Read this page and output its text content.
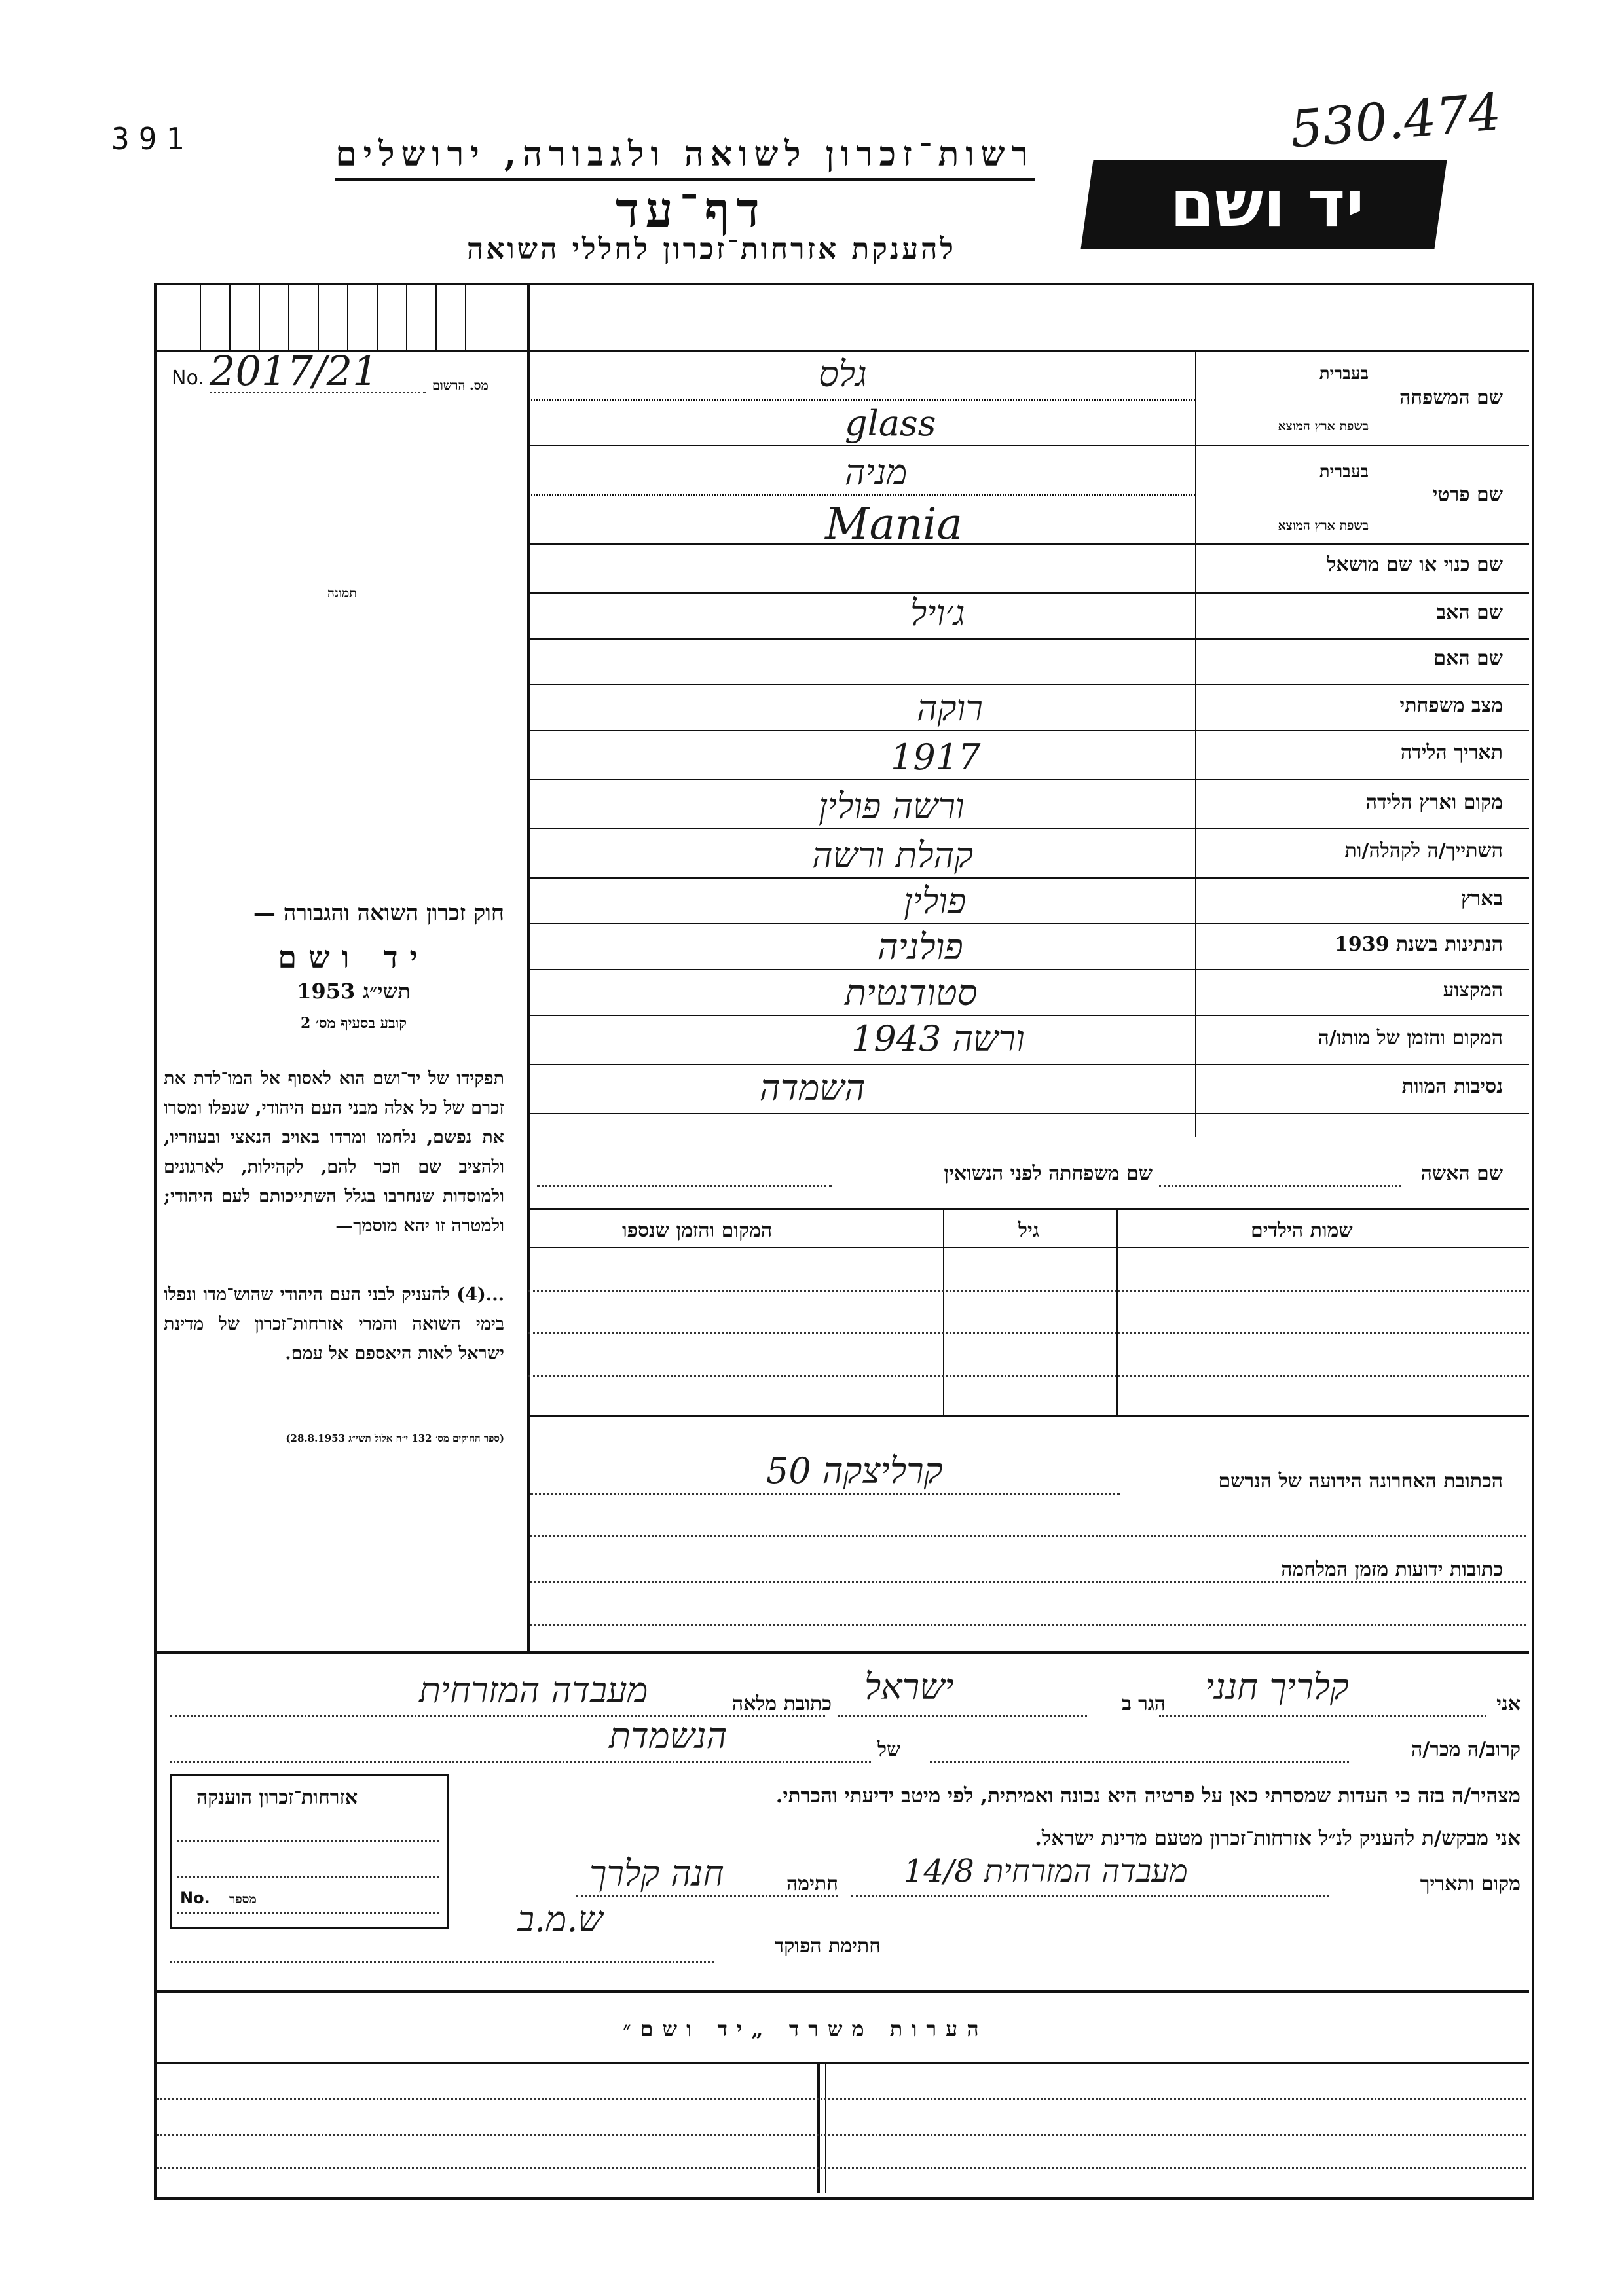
391	530.474
רשות־זכרון לשואה ולגבורה, ירושלים
דף־עד
להענקת אזרחות־זכרון לחללי השואה
יד ושם
No. 2017/21	מס. הרשום
תמונה
שם המשפחה
בעברית
בשפת ארץ המוצא
שם פרטי
בעברית
בשפת ארץ המוצא
שם כנוי או שם מושאל
שם האב
שם האם
מצב משפחתי
תאריך הלידה
מקום וארץ הלידה
השתייך/ה לקהלה/ות
בארץ
הנתינות בשנת 1939
המקצוע
המקום והזמן של מותו/ה
נסיבות המוות
גלס
glass
מניה
Mania
ג׳ויל
רוקה
1917
ורשה פולין
קהלת ורשה
פולין
פולניה
סטודנטית
ורשה 1943
השמדה
שם האשה
שם משפחתה לפני הנשואין
שמות הילדים
גיל
המקום והזמן שנספו
הכתובת האחרונה הידועה של הנרשם
קרליצקה 50
כתובות ידועות מזמן המלחמה
חוק זכרון השואה והגבורה —
יד ושם
תשי״ג 1953
קובע בסעיף מס׳ 2
תפקידו של יד־ושם הוא לאסוף אל המו־לדת את זכרם של כל אלה מבני העם היהודי, שנפלו ומסרו את נפשם, נלחמו ומרדו באויב הנאצי ובעוזריו, ולהציב שם וזכר להם, לקהילות, לארגונים ולמוסדות שנחרבו בגלל השתייכותם לעם היהודי; ולמטרה זו יהא מוסמך—
...(4) להעניק לבני העם היהודי שהוש־מדו ונפלו בימי השואה והמרי אזרחות־זכרון של מדינת ישראל לאות היאספם אל עמם.
(ספר החוקים מס׳ 132 י״ח אלול תשי״ג 28.8.1953)
אני
קלריך חנני
הגר ב
ישראל
כתובת מלאה
מעבדה המזרחית
קרוב/ה מכר/ה
של
הנשמדת
מצהיר/ה בזה כי העדות שמסרתי כאן על פרטיה היא נכונה ואמיתית, לפי מיטב ידיעתי והכרתי.
אני מבקש/ת להעניק לנ״ל אזרחות־זכרון מטעם מדינת ישראל.
מקום ותאריך
מעבדה המזרחית 14/8
חתימה
חנה קלרך
חתימת הפוקד
ש.מ.ב
אזרחות־זכרון הוענקה
No. מספר
הערות משרד „יד ושם״
